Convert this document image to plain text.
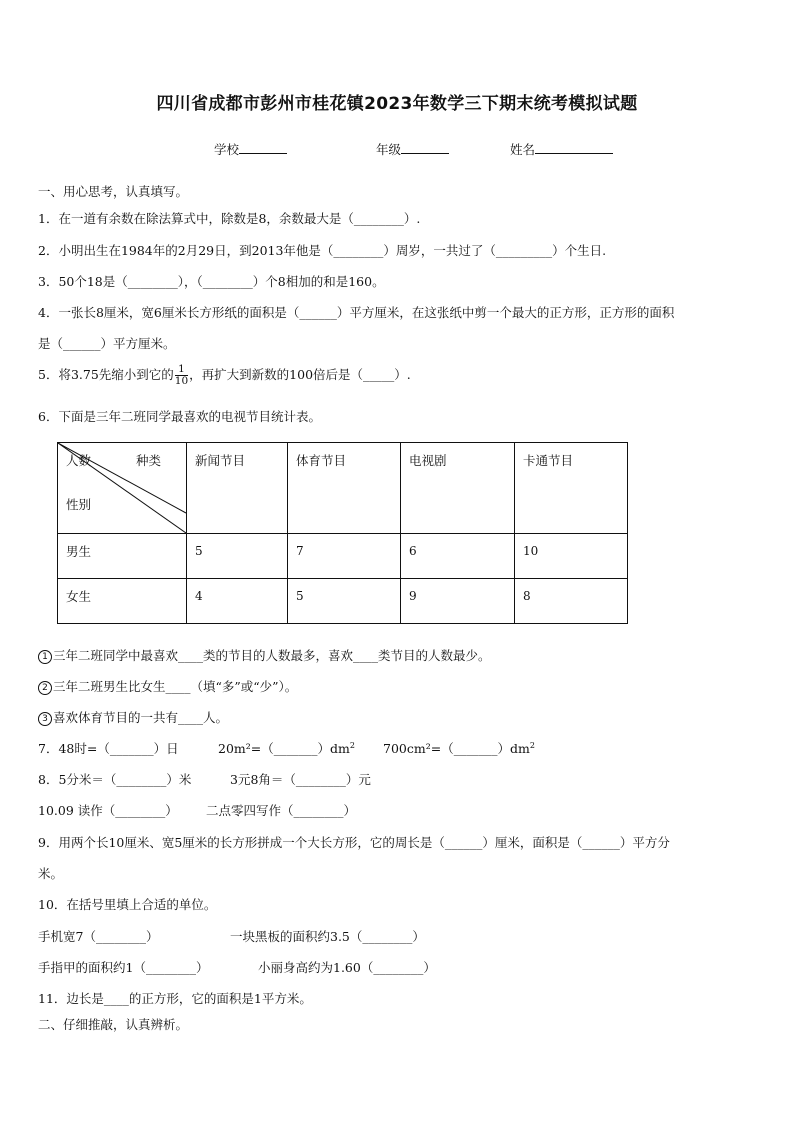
四川省成都市彭州市桂花镇2023年数学三下期末统考模拟试题
学校	年级	姓名
一、用心思考，认真填写。
1．在一道有余数在除法算式中，除数是8，余数最大是（________）.
2．小明出生在1984年的2月29日，到2013年他是（________）周岁，一共过了（_________）个生日.
3．50个18是（________），（________）个8相加的和是160。
4．一张长8厘米，宽6厘米长方形纸的面积是（______）平方厘米，在这张纸中剪一个最大的正方形，正方形的面积
是（______）平方厘米。
5．将3.75先缩小到它的 $\frac{1}{10}$ ，再扩大到新数的100倍后是（_____）.
6．下面是三年二班同学最喜欢的电视节目统计表。
人数 种类
性别	新闻节目	体育节目	电视剧	卡通节目
男生	5	7	6	10
女生	4	5	9	8
1 三年二班同学中最喜欢____类的节目的人数最多，喜欢____类节目的人数最少。
2 三年二班男生比女生____（填“多”或“少”）。
3 喜欢体育节目的一共有____人。
7．48时=（_______）日	$20m^2=(\_\_\_\_\_\_\_)dm^2$ $700cm^2=(\_\_\_\_\_\_\_)dm^2$
8．5分米＝（________）米	3元8角＝（________）元
10.09 读作（________） 二点零四写作（________）
9．用两个长10厘米、宽5厘米的长方形拼成一个大长方形，它的周长是（______）厘米，面积是（______）平方分
米。
10．在括号里填上合适的单位。
手机宽7（________）	一块黑板的面积约3.5（________）
手指甲的面积约1（________）	小丽身高约为1.60（________）
11．边长是____的正方形，它的面积是1平方米。
二、仔细推敲，认真辨析。
